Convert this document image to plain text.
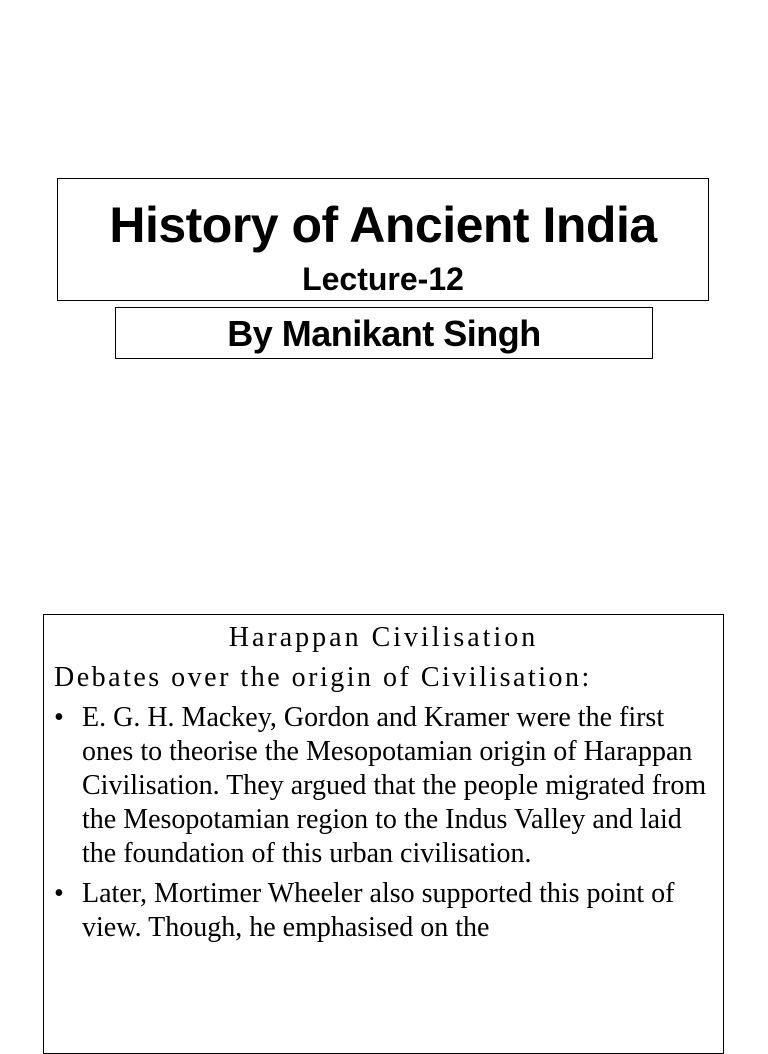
History of Ancient India
Lecture-12
By Manikant Singh
Harappan Civilisation
Debates over the origin of Civilisation:
• E. G. H. Mackey, Gordon and Kramer were the first ones to theorise the Mesopotamian origin of Harappan Civilisation. They argued that the people migrated from the Mesopotamian region to the Indus Valley and laid the foundation of this urban civilisation.
• Later, Mortimer Wheeler also supported this point of view. Though, he emphasised on the
